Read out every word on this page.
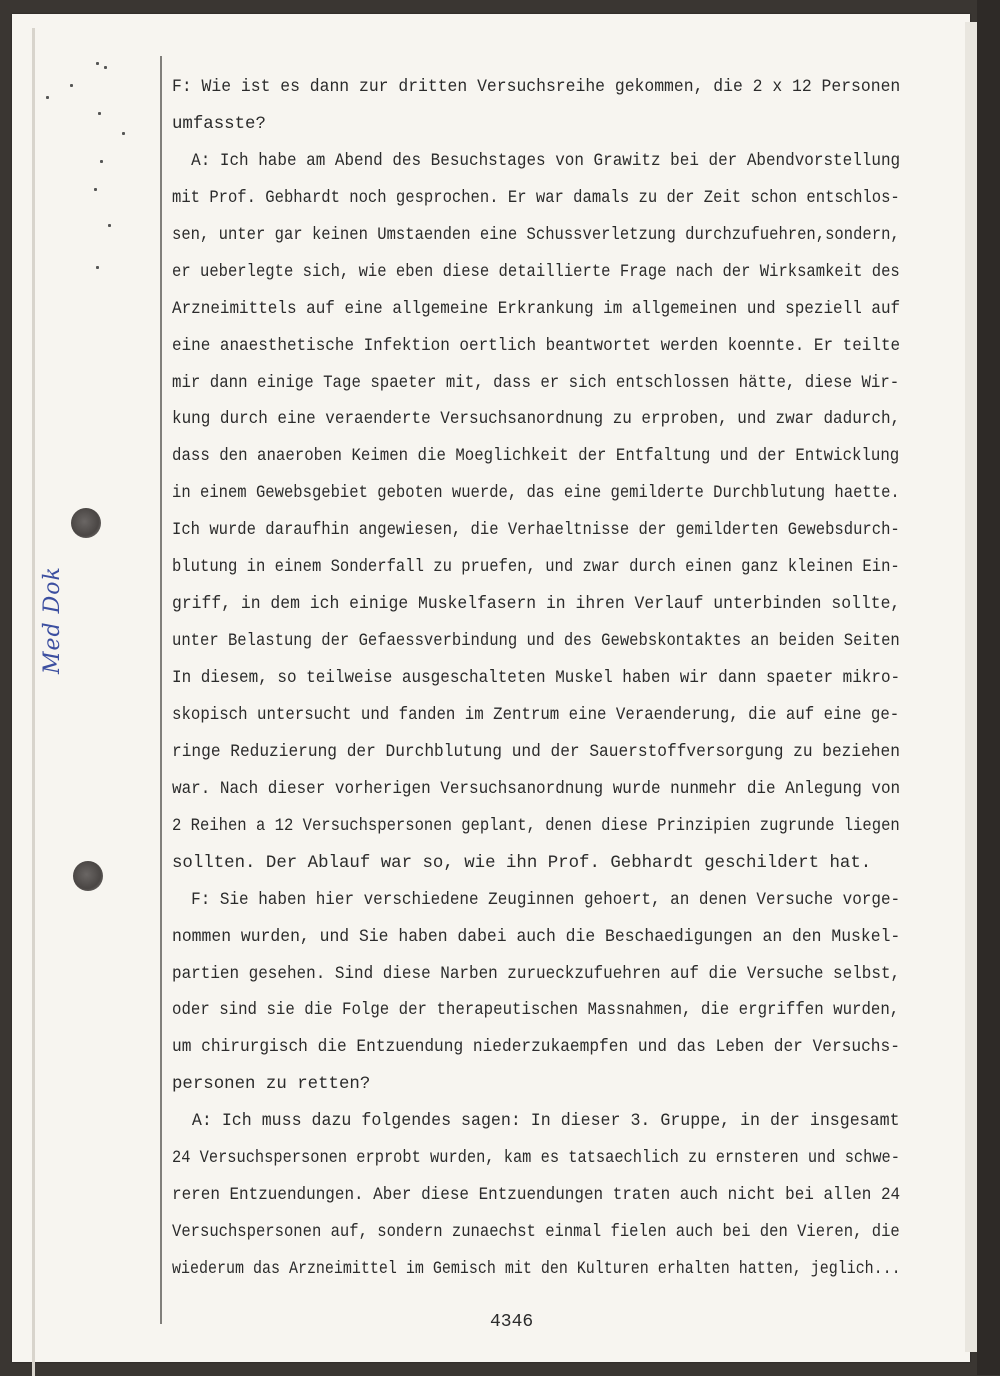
Med Dok
F: Wie ist es dann zur dritten Versuchsreihe gekommen, die 2 x 12 Personen
umfasste?
A: Ich habe am Abend des Besuchstages von Grawitz bei der Abendvorstellung
mit Prof. Gebhardt noch gesprochen. Er war damals zu der Zeit schon entschlos-
sen, unter gar keinen Umstaenden eine Schussverletzung durchzufuehren,sondern,
er ueberlegte sich, wie eben diese detaillierte Frage nach der Wirksamkeit des
Arzneimittels auf eine allgemeine Erkrankung im allgemeinen und speziell auf
eine anaesthetische Infektion oertlich beantwortet werden koennte. Er teilte
mir dann einige Tage spaeter mit, dass er sich entschlossen hätte, diese Wir-
kung durch eine veraenderte Versuchsanordnung zu erproben, und zwar dadurch,
dass den anaeroben Keimen die Moeglichkeit der Entfaltung und der Entwicklung
in einem Gewebsgebiet geboten wuerde, das eine gemilderte Durchblutung haette.
Ich wurde daraufhin angewiesen, die Verhaeltnisse der gemilderten Gewebsdurch-
blutung in einem Sonderfall zu pruefen, und zwar durch einen ganz kleinen Ein-
griff, in dem ich einige Muskelfasern in ihren Verlauf unterbinden sollte,
unter Belastung der Gefaessverbindung und des Gewebskontaktes an beiden Seiten
In diesem, so teilweise ausgeschalteten Muskel haben wir dann spaeter mikro-
skopisch untersucht und fanden im Zentrum eine Veraenderung, die auf eine ge-
ringe Reduzierung der Durchblutung und der Sauerstoffversorgung zu beziehen
war. Nach dieser vorherigen Versuchsanordnung wurde nunmehr die Anlegung von
2 Reihen a 12 Versuchspersonen geplant, denen diese Prinzipien zugrunde liegen
sollten. Der Ablauf war so, wie ihn Prof. Gebhardt geschildert hat.
F: Sie haben hier verschiedene Zeuginnen gehoert, an denen Versuche vorge-
nommen wurden, und Sie haben dabei auch die Beschaedigungen an den Muskel-
partien gesehen. Sind diese Narben zurueckzufuehren auf die Versuche selbst,
oder sind sie die Folge der therapeutischen Massnahmen, die ergriffen wurden,
um chirurgisch die Entzuendung niederzukaempfen und das Leben der Versuchs-
personen zu retten?
A: Ich muss dazu folgendes sagen: In dieser 3. Gruppe, in der insgesamt
24 Versuchspersonen erprobt wurden, kam es tatsaechlich zu ernsteren und schwe-
reren Entzuendungen. Aber diese Entzuendungen traten auch nicht bei allen 24
Versuchspersonen auf, sondern zunaechst einmal fielen auch bei den Vieren, die
wiederum das Arzneimittel im Gemisch mit den Kulturen erhalten hatten, jeglich...
4346
